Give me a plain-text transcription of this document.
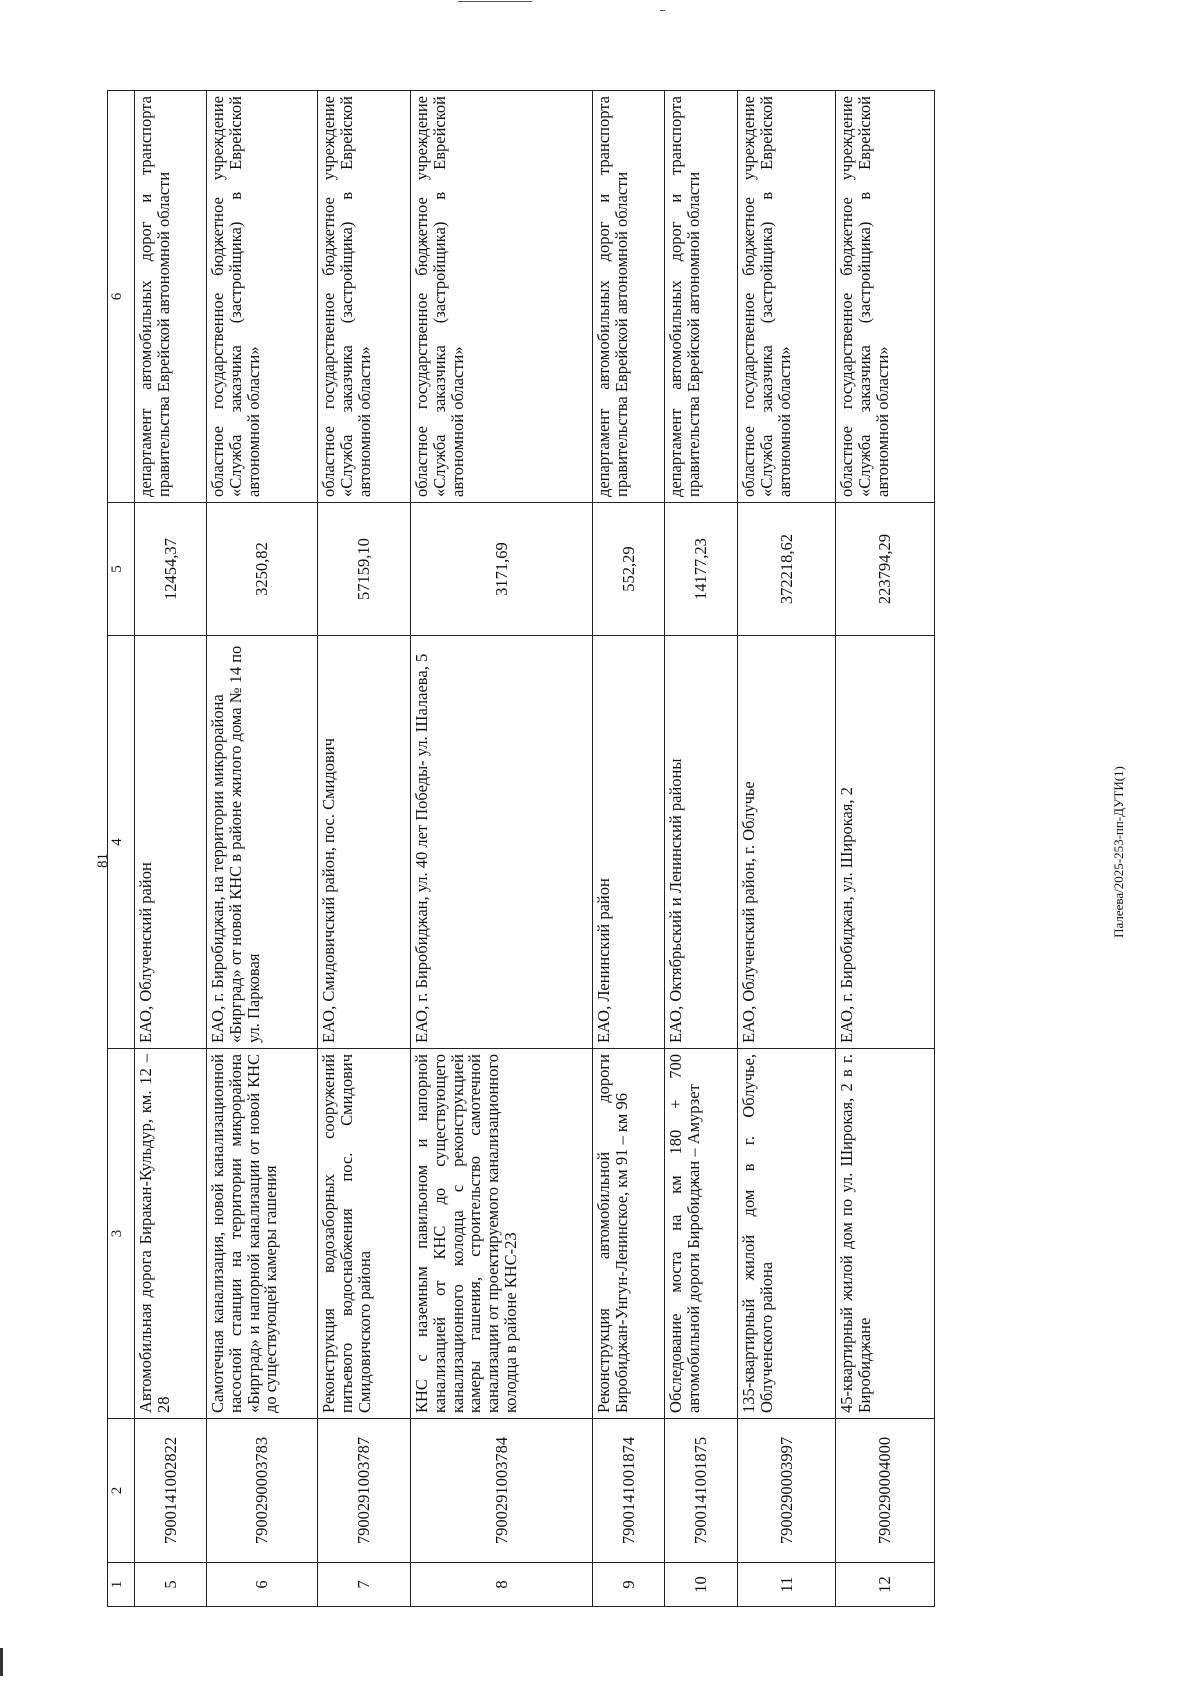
81	Палеева/2025-253-пп-ДУТИ(1)
1	2	3	4	5	6
5	7900141002822	Автомобильная дорога Биракан-Кульдур, км. 12 – 28	ЕАО, Облученский район	12454,37	департамент автомобильных дорог и транспорта правительства Еврейской автономной области
6	7900290003783	Самотечная канализация, новой канализационной насосной станции на территории микрорайона «Бирград» и напорной канализации от новой КНС до существующей камеры гашения	ЕАО, г. Биробиджан, на территории микрорайона «Бирград» от новой КНС в районе жилого дома № 14 по ул. Парковая	3250,82	областное государственное бюджетное учреждение «Служба заказчика (застройщика) в Еврейской автономной области»
7	7900291003787	Реконструкция водозаборных сооружений питьевого водоснабжения пос. Смидович Смидовичского района	ЕАО, Смидовичский район, пос. Смидович	57159,10	областное государственное бюджетное учреждение «Служба заказчика (застройщика) в Еврейской автономной области»
8	7900291003784	КНС с наземным павильоном и напорной канализацией от КНС до существующего канализационного колодца с реконструкцией камеры гашения, строительство самотечной канализации от проектируемого канализационного колодца в районе КНС-23	ЕАО, г. Биробиджан, ул. 40 лет Победы- ул. Шалаева, 5	3171,69	областное государственное бюджетное учреждение «Служба заказчика (застройщика) в Еврейской автономной области»
9	7900141001874	Реконструкция автомобильной дороги Биробиджан-Унгун-Ленинское, км 91 – км 96	ЕАО, Ленинский район	552,29	департамент автомобильных дорог и транспорта правительства Еврейской автономной области
10	7900141001875	Обследование моста на км 180 + 700 автомобильной дороги Биробиджан – Амурзет	ЕАО, Октябрьский и Ленинский районы	14177,23	департамент автомобильных дорог и транспорта правительства Еврейской автономной области
11	7900290003997	135-квартирный жилой дом в г. Облучье, Облученского района	ЕАО, Облученский район, г. Облучье	372218,62	областное государственное бюджетное учреждение «Служба заказчика (застройщика) в Еврейской автономной области»
12	7900290004000	45-квартирный жилой дом по ул. Широкая, 2 в г. Биробиджане	ЕАО, г. Биробиджан, ул. Широкая, 2	223794,29	областное государственное бюджетное учреждение «Служба заказчика (застройщика) в Еврейской автономной области»
